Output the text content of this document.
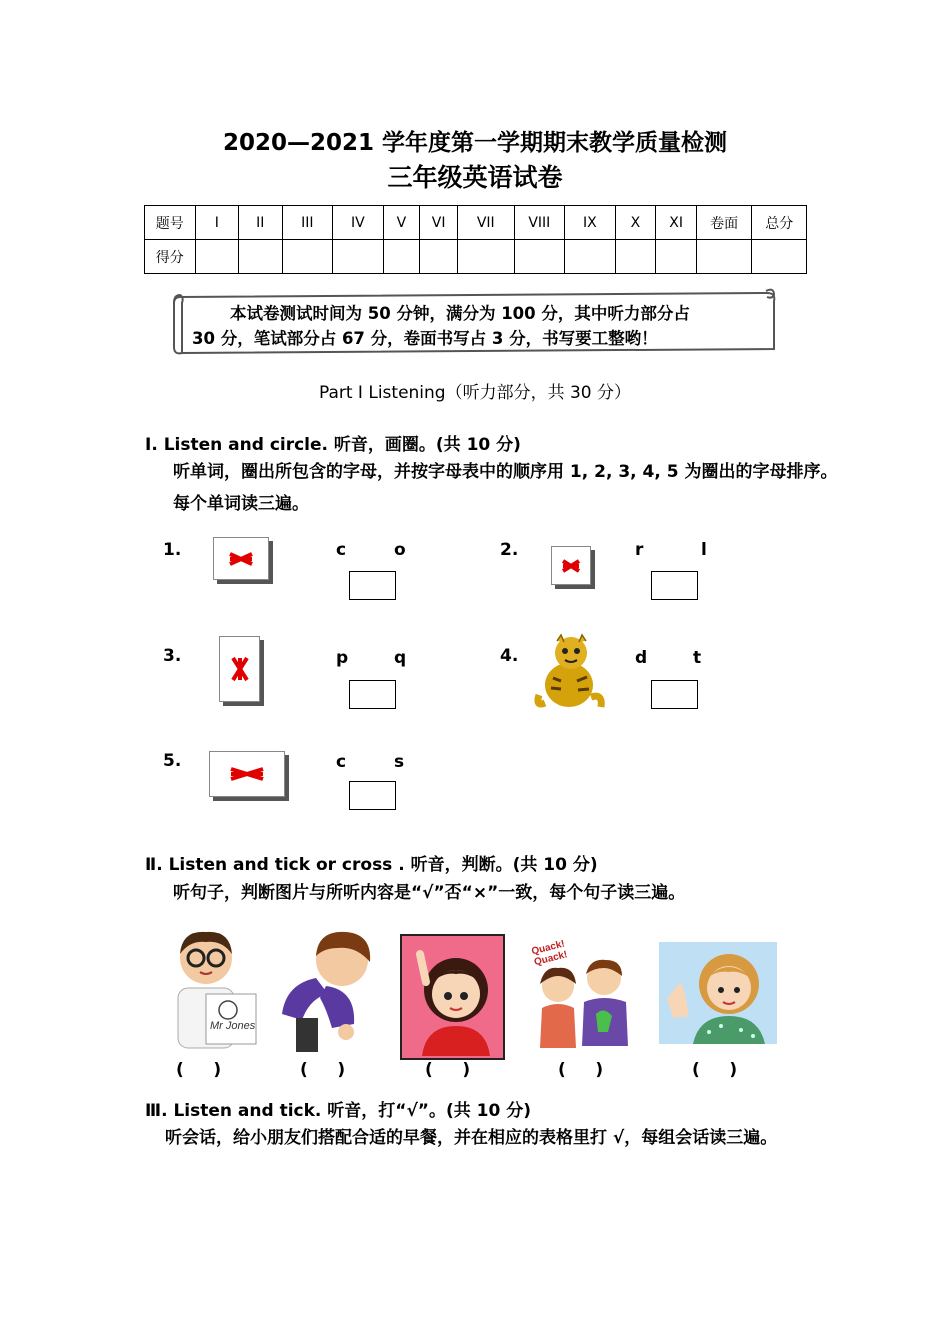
2020—2021 学年度第一学期期末教学质量检测
三年级英语试卷
题号	I	II	III	IV	V	VI	VII	VIII	IX	X	XI	卷面	总分
得分													
本试卷测试时间为 50 分钟，满分为 100 分，其中听力部分占
30 分，笔试部分占 67 分，卷面书写占 3 分，书写要工整哟！
Part Ⅰ Listening（听力部分，共 30 分）
Ⅰ. Listen and circle. 听音，画圈。(共 10 分)
听单词，圈出所包含的字母，并按字母表中的顺序用 1, 2, 3, 4, 5 为圈出的字母排序。每个单词读三遍。
1.	c	o	2.	r	l
3.	p	q	4.	d	t
5.	c	s
Ⅱ. Listen and tick or cross . 听音，判断。(共 10 分)
听句子，判断图片与所听内容是“√”否“×”一致，每个句子读三遍。
Mr Jones
Quack! Quack!
(     )	(     )	(     )	(     )	(     )
Ⅲ. Listen and tick. 听音，打“√”。(共 10 分)
听会话，给小朋友们搭配合适的早餐，并在相应的表格里打 √，每组会话读三遍。
